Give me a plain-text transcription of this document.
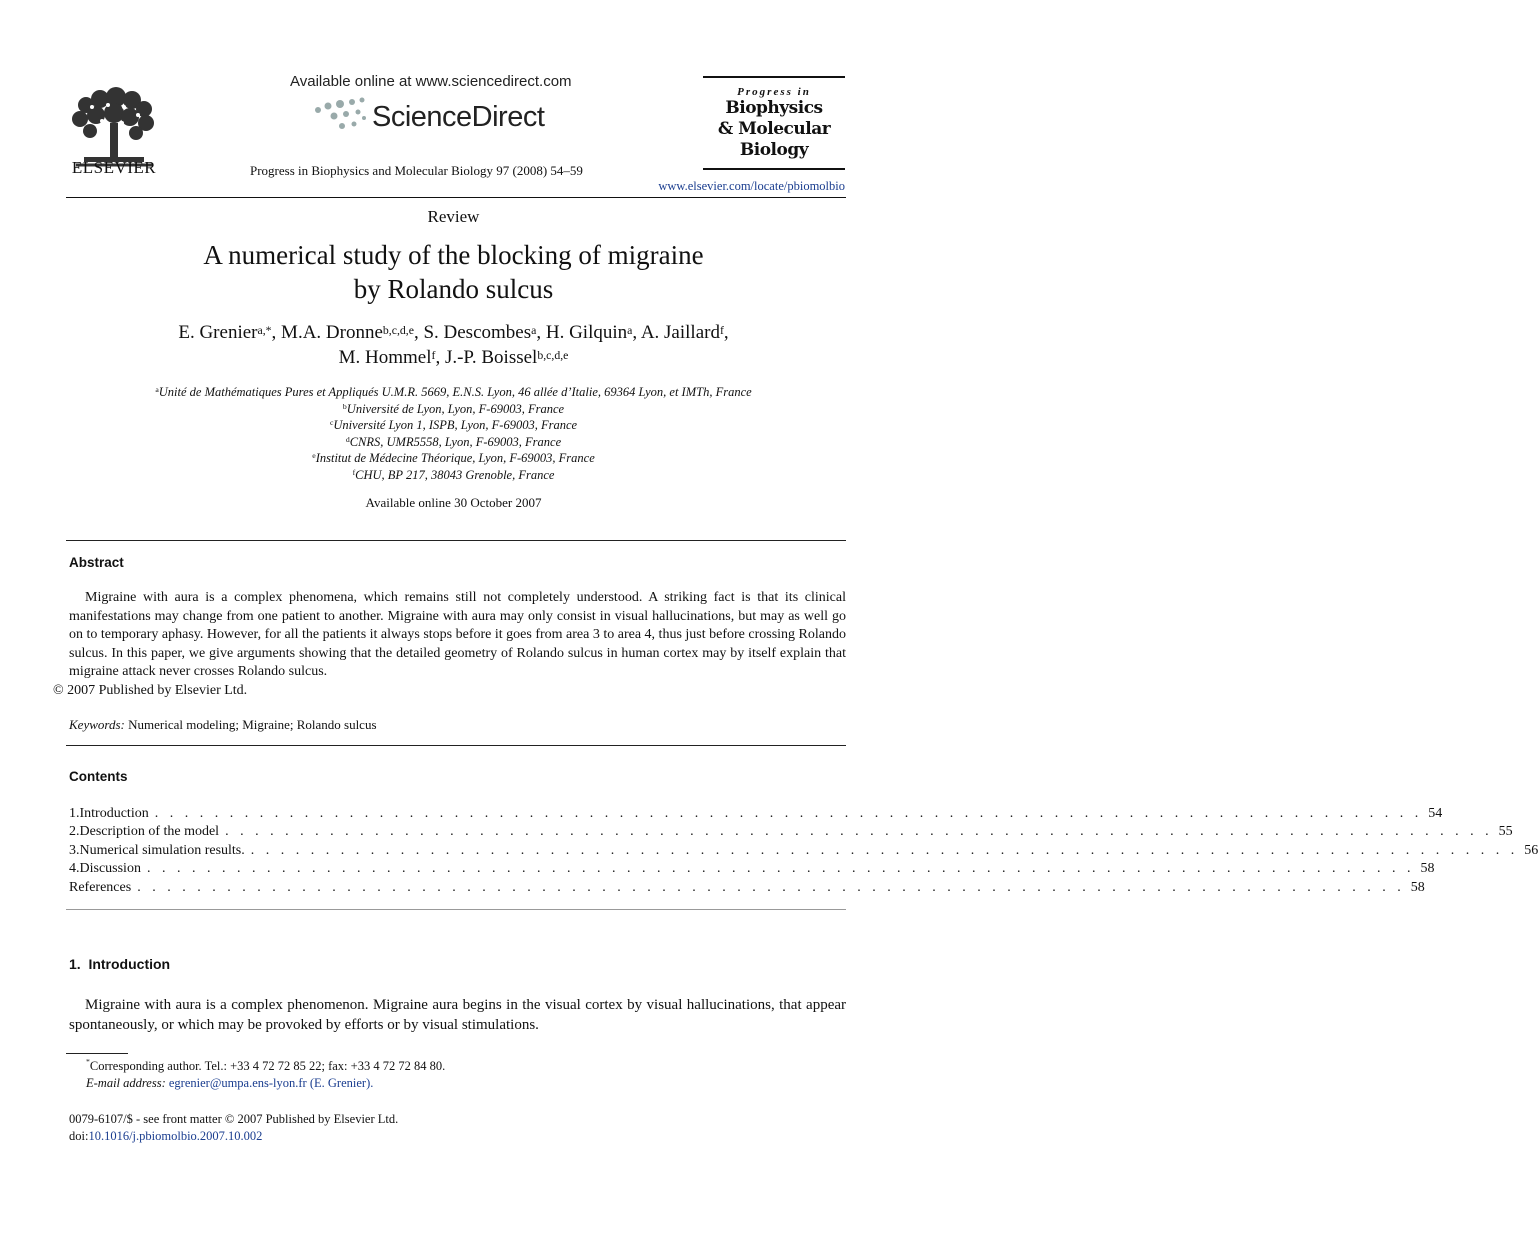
ELSEVIER
Available online at www.sciencedirect.com
ScienceDirect
Progress in Biophysics and Molecular Biology 97 (2008) 54–59
Progress in
Biophysics
& Molecular
Biology
www.elsevier.com/locate/pbiomolbio
Review
A numerical study of the blocking of migraine
by Rolando sulcus
E. Grenier$^{a,*}$, M.A. Dronne$^{b,c,d,e}$, S. Descombes$^a$, H. Gilquin$^a$, A. Jaillard$^f$,
M. Hommel$^f$, J.-P. Boissel$^{b,c,d,e}$
$^a$Unité de Mathématiques Pures et Appliqués U.M.R. 5669, E.N.S. Lyon, 46 allée d’Italie, 69364 Lyon, et IMTh, France
$^b$Université de Lyon, Lyon, F-69003, France
$^c$Université Lyon 1, ISPB, Lyon, F-69003, France
$^d$CNRS, UMR5558, Lyon, F-69003, France
$^e$Institut de Médecine Théorique, Lyon, F-69003, France
$^f$CHU, BP 217, 38043 Grenoble, France
Available online 30 October 2007
Abstract
Migraine with aura is a complex phenomena, which remains still not completely understood. A striking fact is that its clinical manifestations may change from one patient to another. Migraine with aura may only consist in visual hallucinations, but may as well go on to temporary aphasy. However, for all the patients it always stops before it goes from area 3 to area 4, thus just before crossing Rolando sulcus. In this paper, we give arguments showing that the detailed geometry of Rolando sulcus in human cortex may by itself explain that migraine attack never crosses Rolando sulcus.
© 2007 Published by Elsevier Ltd.
Keywords: Numerical modeling; Migraine; Rolando sulcus
Contents
1. Introduction . . . . . . . . . . . . . . . . . . . . . . . . . . . . . . . . . . . . . . . . . . . . . . . . . . . . . . . . . . . . . . . . . . . . . . . . . . . . . . . . . . . . . 54
2. Description of the model . . . . . . . . . . . . . . . . . . . . . . . . . . . . . . . . . . . . . . . . . . . . . . . . . . . . . . . . . . . . . . . . . . . . . . . . . . . . . . . . . . . . . 55
3. Numerical simulation results. . . . . . . . . . . . . . . . . . . . . . . . . . . . . . . . . . . . . . . . . . . . . . . . . . . . . . . . . . . . . . . . . . . . . . . . . . . . . . . . . . . . . . 56
4. Discussion . . . . . . . . . . . . . . . . . . . . . . . . . . . . . . . . . . . . . . . . . . . . . . . . . . . . . . . . . . . . . . . . . . . . . . . . . . . . . . . . . . . . . 58
References . . . . . . . . . . . . . . . . . . . . . . . . . . . . . . . . . . . . . . . . . . . . . . . . . . . . . . . . . . . . . . . . . . . . . . . . . . . . . . . . . . . . . 58
1.  Introduction
Migraine with aura is a complex phenomenon. Migraine aura begins in the visual cortex by visual hallucinations, that appear spontaneously, or which may be provoked by efforts or by visual stimulations.
*Corresponding author. Tel.: +33 4 72 72 85 22; fax: +33 4 72 72 84 80.
E-mail address: egrenier@umpa.ens-lyon.fr (E. Grenier).
0079-6107/$ - see front matter © 2007 Published by Elsevier Ltd.
doi:10.1016/j.pbiomolbio.2007.10.002
